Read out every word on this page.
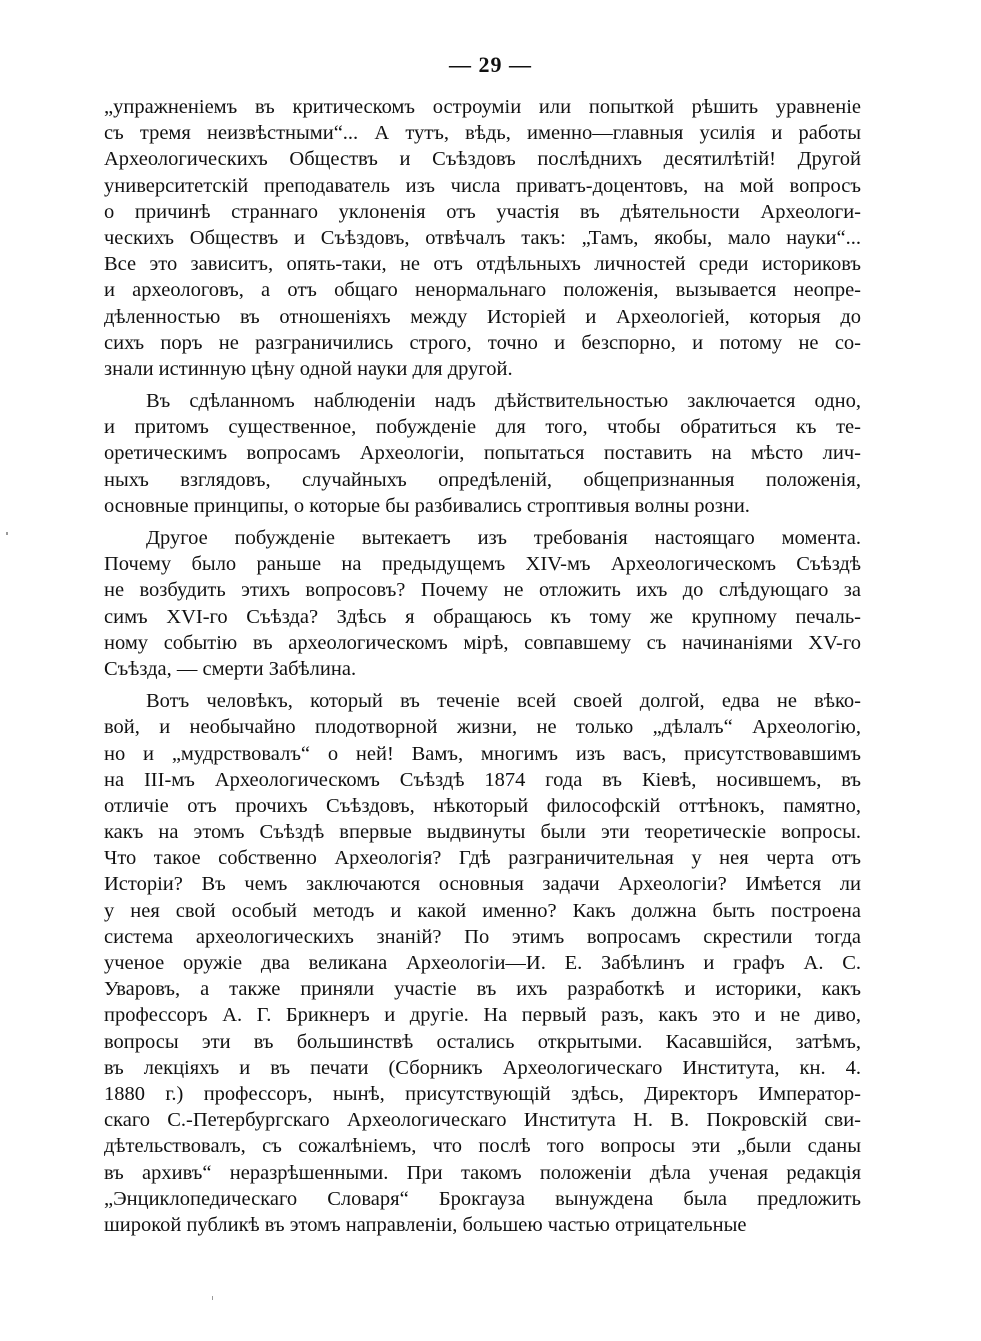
— 29 —
„упражненіемъ въ критическомъ остроуміи или попыткой рѣшить уравненіе
съ тремя неизвѣстными“... А тутъ, вѣдь, именно—главныя усилія и работы
Археологическихъ Обществъ и Съѣздовъ послѣднихъ десятилѣтій! Другой
университетскій преподаватель изъ числа приватъ-доцентовъ, на мой вопросъ
о причинѣ страннаго уклоненія отъ участія въ дѣятельности Археологи-
ческихъ Обществъ и Съѣздовъ, отвѣчалъ такъ: „Тамъ, якобы, мало науки“...
Все это зависитъ, опять-таки, не отъ отдѣльныхъ личностей среди историковъ
и археологовъ, а отъ общаго ненормальнаго положенія, вызывается неопре-
дѣленностью въ отношеніяхъ между Исторіей и Археологіей, которыя до
сихъ поръ не разграничились строго, точно и безспорно, и потому не со-
знали истинную цѣну одной науки для другой.
Въ сдѣланномъ наблюденіи надъ дѣйствительностью заключается одно,
и притомъ существенное, побужденіе для того, чтобы обратиться къ те-
оретическимъ вопросамъ Археологіи, попытаться поставить на мѣсто лич-
ныхъ взглядовъ, случайныхъ опредѣленій, общепризнанныя положенія,
основные принципы, о которые бы разбивались строптивыя волны розни.
Другое побужденіе вытекаетъ изъ требованія настоящаго момента.
Почему было раньше на предыдущемъ XIV-мъ Археологическомъ Съѣздѣ
не возбудить этихъ вопросовъ? Почему не отложить ихъ до слѣдующаго за
симъ XVI-го Съѣзда? Здѣсь я обращаюсь къ тому же крупному печаль-
ному событію въ археологическомъ мірѣ, совпавшему съ начинаніями XV-го
Съѣзда, — смерти Забѣлина.
Вотъ человѣкъ, который въ теченіе всей своей долгой, едва не вѣко-
вой, и необычайно плодотворной жизни, не только „дѣлалъ“ Археологію,
но и „мудрствовалъ“ о ней! Вамъ, многимъ изъ васъ, присутствовавшимъ
на III-мъ Археологическомъ Съѣздѣ 1874 года въ Кіевѣ, носившемъ, въ
отличіе отъ прочихъ Съѣздовъ, нѣкоторый философскій оттѣнокъ, памятно,
какъ на этомъ Съѣздѣ впервые выдвинуты были эти теоретическіе вопросы.
Что такое собственно Археологія? Гдѣ разграничительная у нея черта отъ
Исторіи? Въ чемъ заключаются основныя задачи Археологіи? Имѣется ли
у нея свой особый методъ и какой именно? Какъ должна быть построена
система археологическихъ знаній? По этимъ вопросамъ скрестили тогда
ученое оружіе два великана Археологіи—И. Е. Забѣлинъ и графъ А. С.
Уваровъ, а также приняли участіе въ ихъ разработкѣ и историки, какъ
профессоръ А. Г. Брикнеръ и другіе. На первый разъ, какъ это и не диво,
вопросы эти въ большинствѣ остались открытыми. Касавшійся, затѣмъ,
въ лекціяхъ и въ печати (Сборникъ Археологическаго Института, кн. 4.
1880 г.) профессоръ, нынѣ, присутствующій здѣсь, Директоръ Император-
скаго С.-Петербургскаго Археологическаго Института Н. В. Покровскій сви-
дѣтельствовалъ, съ сожалѣніемъ, что послѣ того вопросы эти „были сданы
въ архивъ“ неразрѣшенными. При такомъ положеніи дѣла ученая редакція
„Энциклопедическаго Словаря“ Брокгауза вынуждена была предложить
широкой публикѣ въ этомъ направленіи, большею частью отрицательные
